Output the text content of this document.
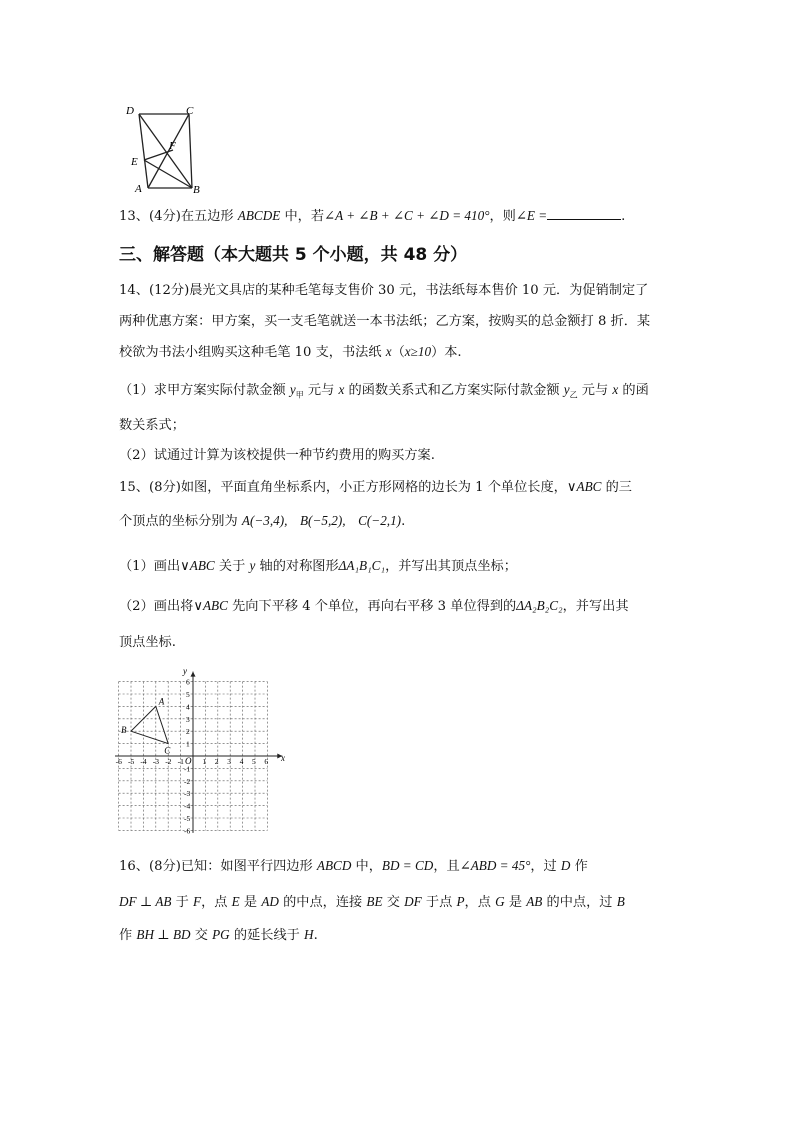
D	C
F
E
A	B
13、(4分)在五边形 ABCDE 中，若∠A + ∠B + ∠C + ∠D = 410°，则∠E =	.
三、解答题（本大题共 5 个小题，共 48 分）
14、(12分)晨光文具店的某种毛笔每支售价 30 元，书法纸每本售价 10 元．为促销制定了
两种优惠方案：甲方案，买一支毛笔就送一本书法纸；乙方案，按购买的总金额打 8 折．某
校欲为书法小组购买这种毛笔 10 支，书法纸 x（x≥10）本.
（1）求甲方案实际付款金额 $y_甲$ 元与 x 的函数关系式和乙方案实际付款金额 $y_乙$ 元与 x 的函
数关系式；
（2）试通过计算为该校提供一种节约费用的购买方案.
15、(8分)如图，平面直角坐标系内，小正方形网格的边长为 1 个单位长度，∨ABC 的三
个顶点的坐标分别为 A(−3,4), B(−5,2), C(−2,1).
（1）画出∨ABC 关于 y 轴的对称图形ΔA₁B₁C₁，并写出其顶点坐标；
（2）画出将∨ABC 先向下平移 4 个单位，再向右平移 3 单位得到的ΔA₂B₂C₂，并写出其
顶点坐标.
x
y
O
-6 -5 -4 -3 -2 -1 1 2 3 4 5 6
6
5
4
3
2
1
-1
-2
-3
-4
-5
-6
A
B
C
16、(8分)已知：如图平行四边形 ABCD 中，BD = CD，且∠ABD = 45°，过 D 作
DF ⊥ AB 于 F，点 E 是 AD 的中点，连接 BE 交 DF 于点 P，点 G 是 AB 的中点，过 B
作 BH ⊥ BD 交 PG 的延长线于 H.
